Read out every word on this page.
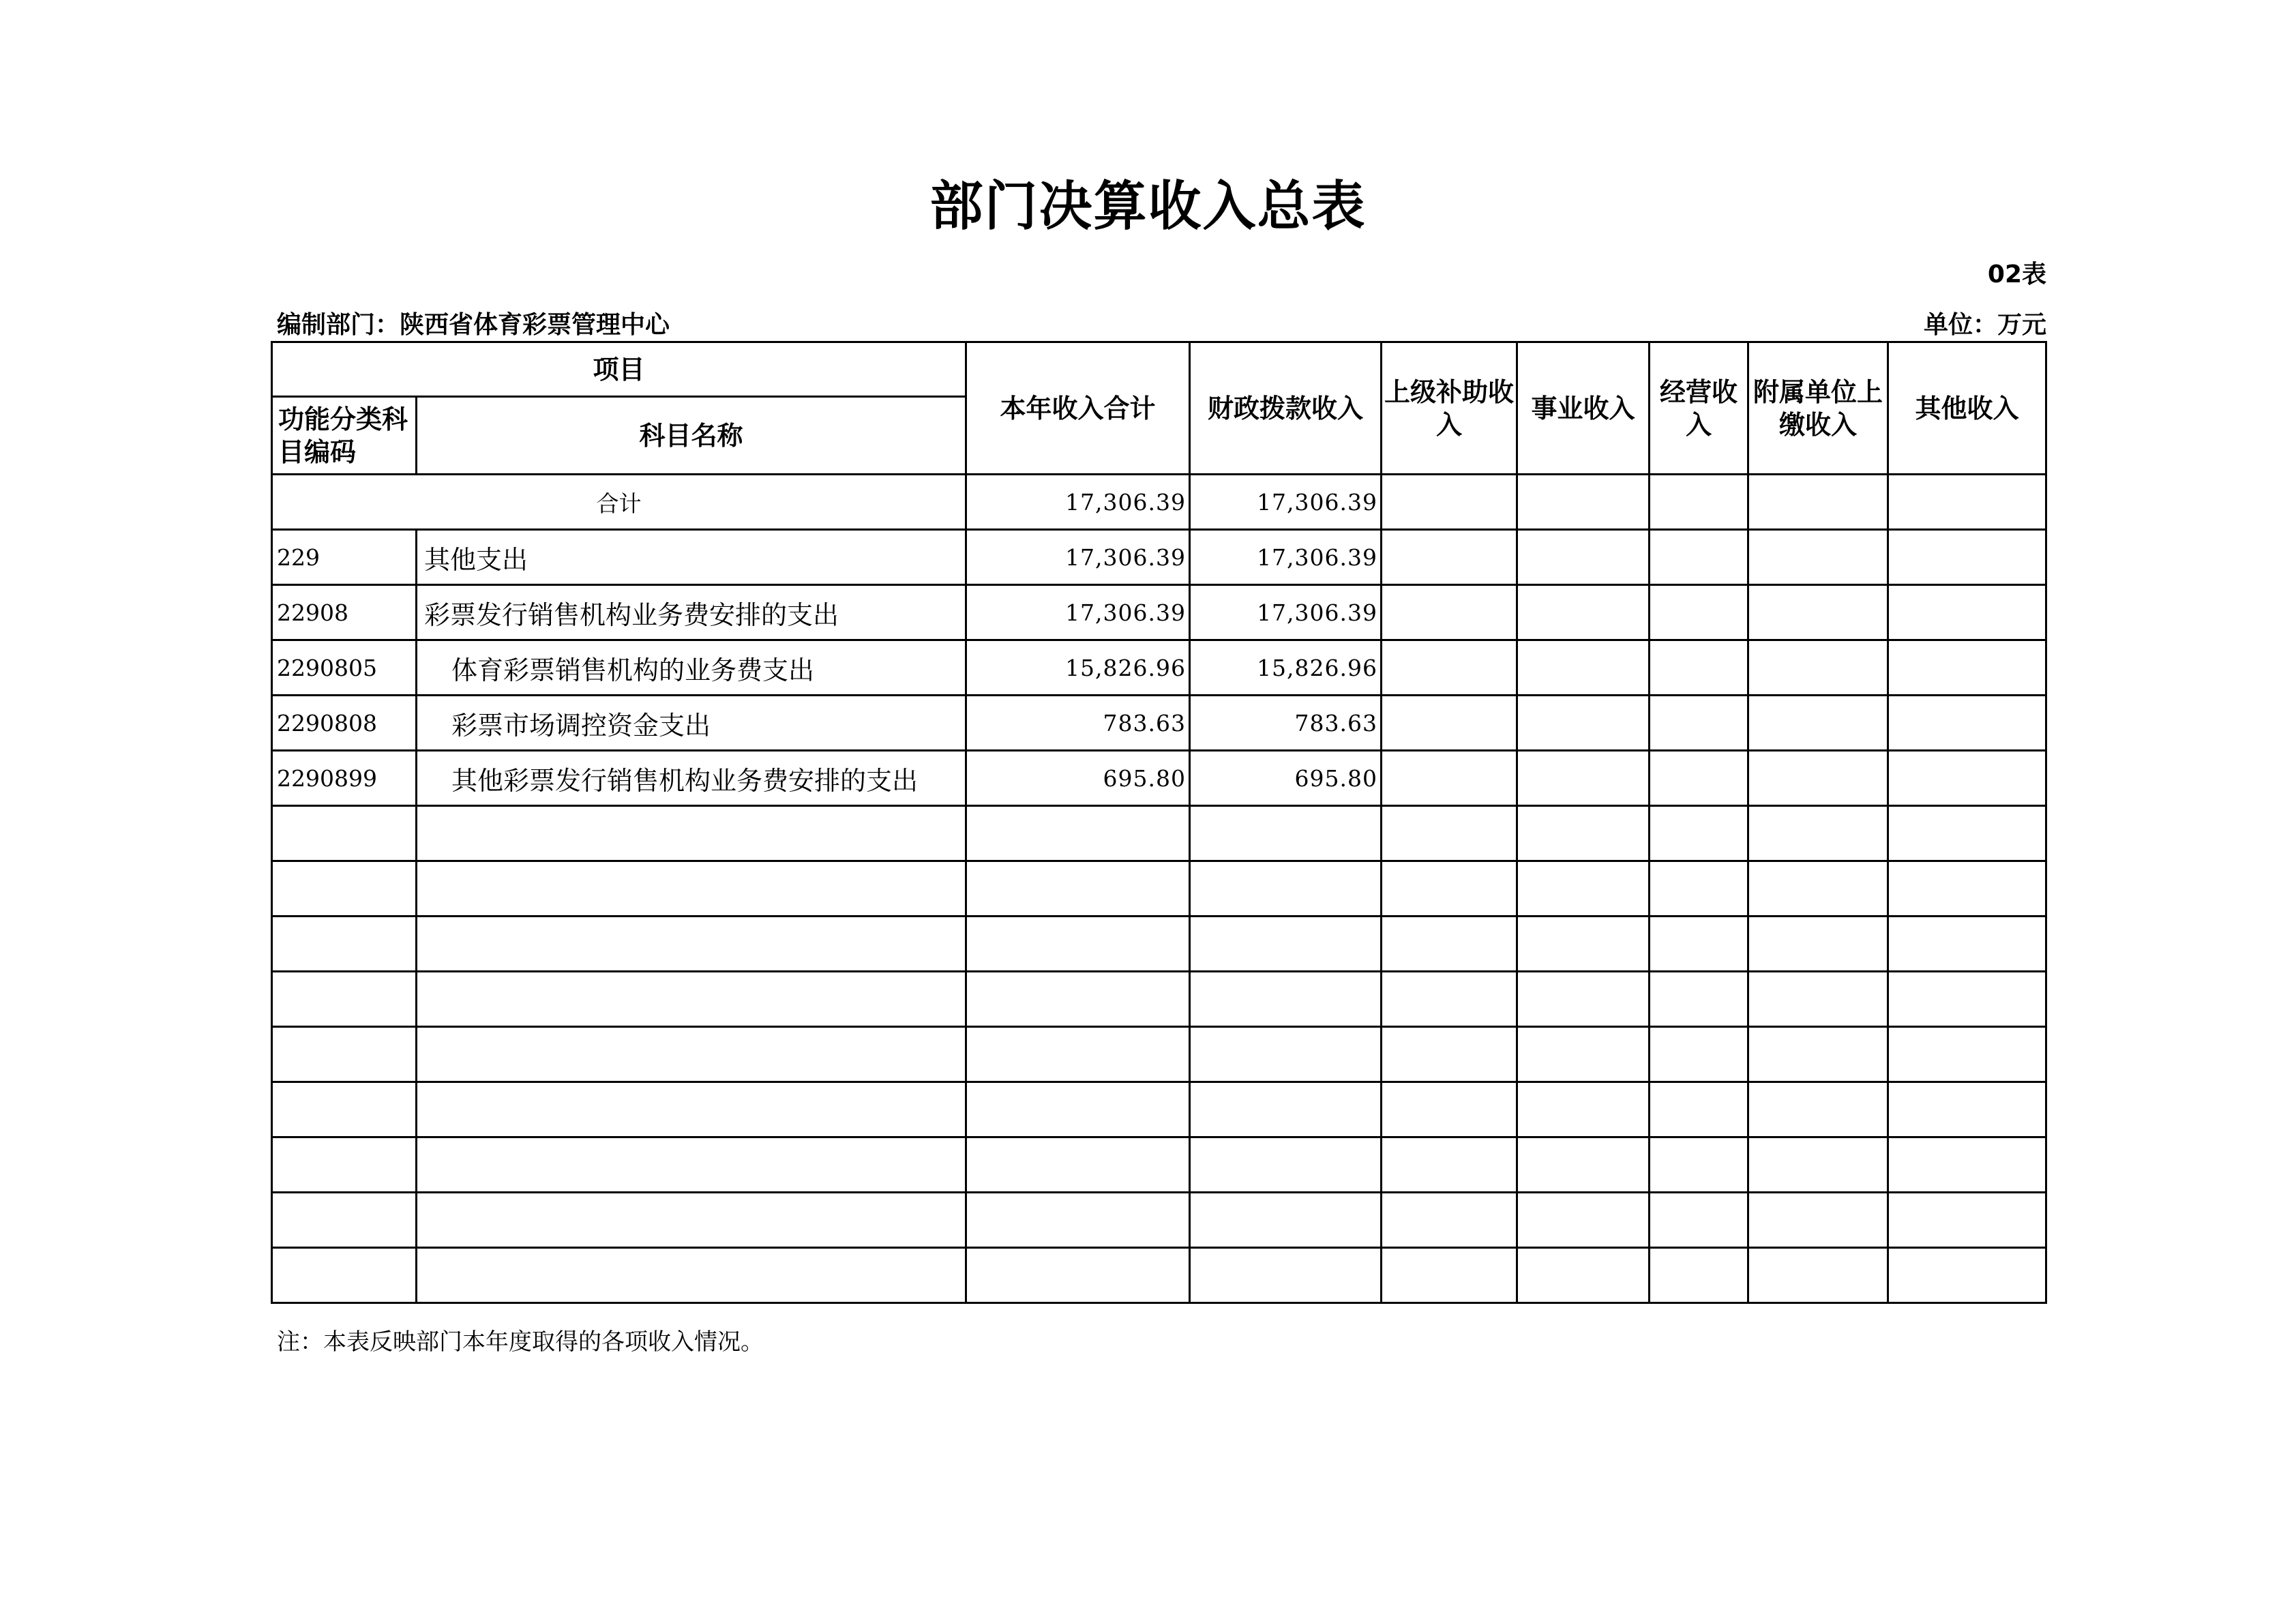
部门决算收入总表
02表
编制部门：陕西省体育彩票管理中心	单位：万元
项目		本年收入合计	财政拨款收入	上级补助收入	事业收入	经营收入	附属单位上缴收入	其他收入
功能分类科目编码	科目名称							
合计		17,306.39	17,306.39					
229	其他支出	17,306.39	17,306.39					
22908	彩票发行销售机构业务费安排的支出	17,306.39	17,306.39					
2290805	体育彩票销售机构的业务费支出	15,826.96	15,826.96					
2290808	彩票市场调控资金支出	783.63	783.63					
2290899	其他彩票发行销售机构业务费安排的支出	695.80	695.80					

注：本表反映部门本年度取得的各项收入情况。
